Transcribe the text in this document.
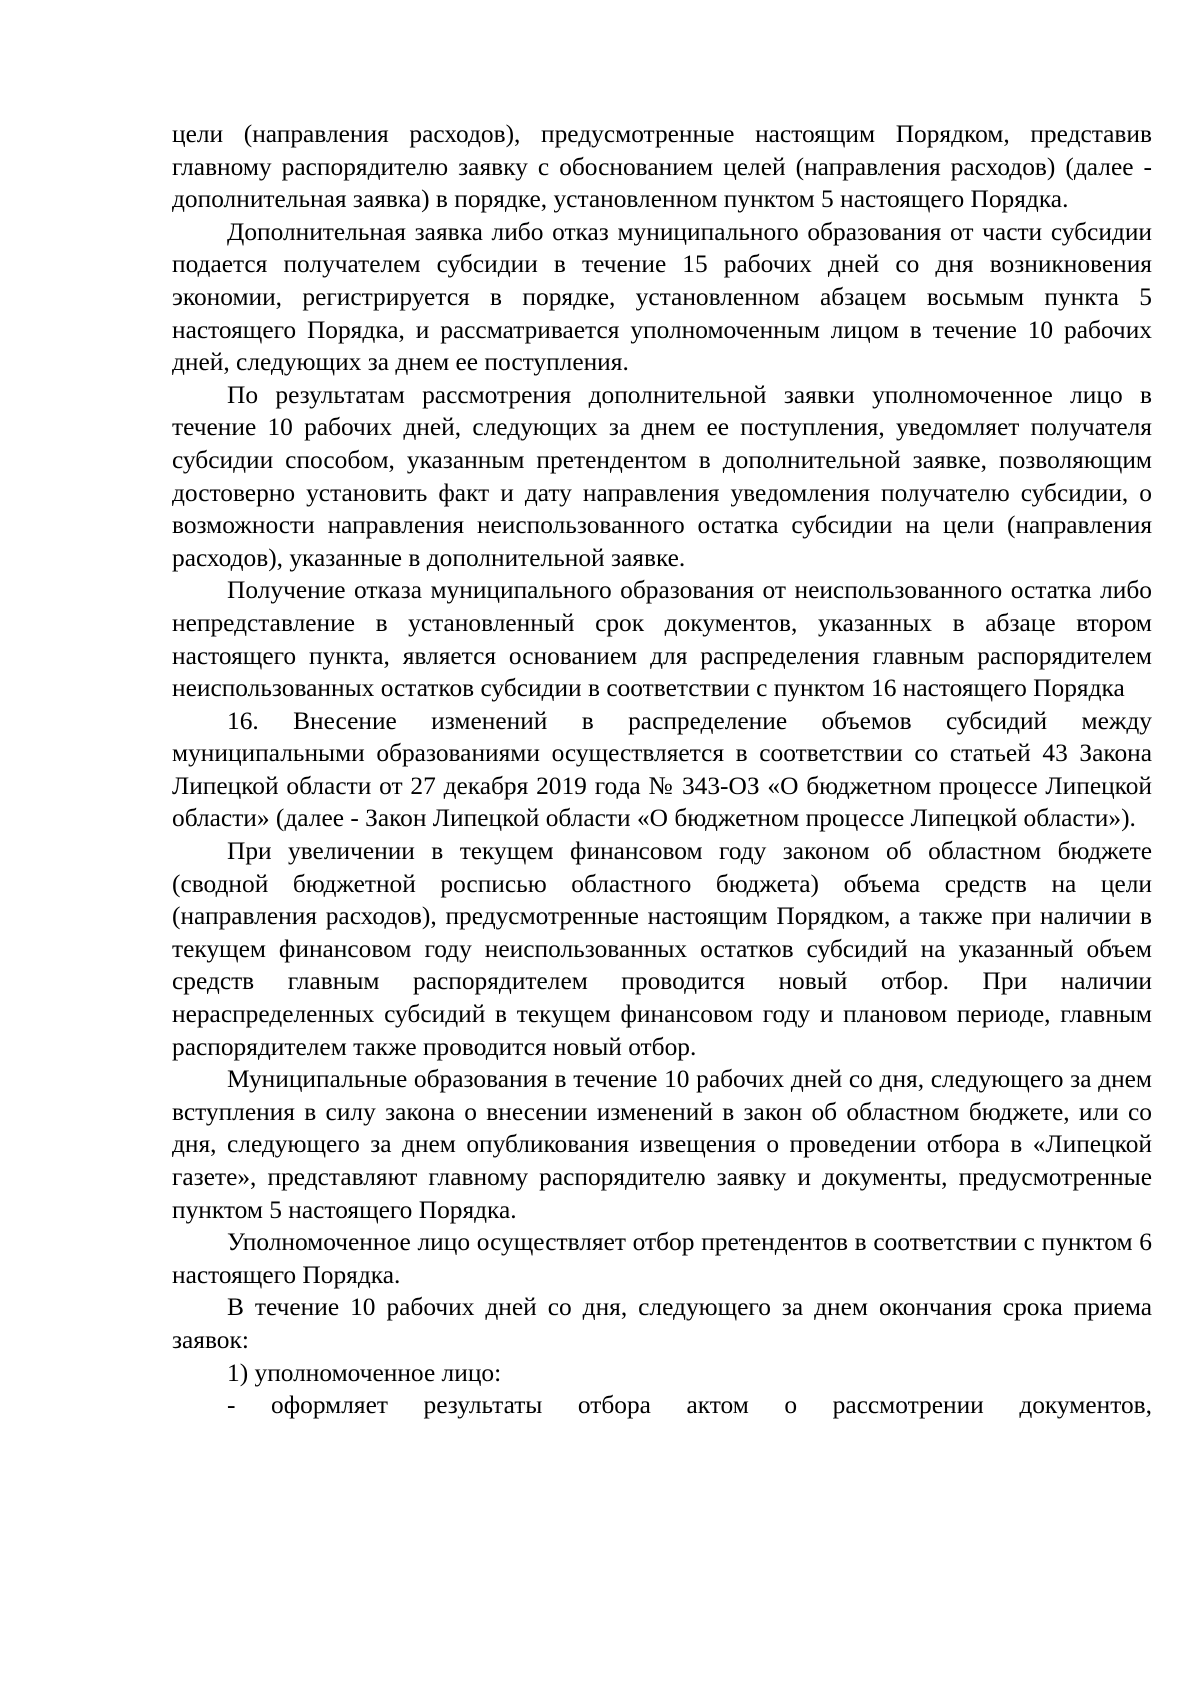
цели (направления расходов), предусмотренные настоящим Порядком, представив главному распорядителю заявку с обоснованием целей (направления расходов) (далее - дополнительная заявка) в порядке, установленном пунктом 5 настоящего Порядка.

Дополнительная заявка либо отказ муниципального образования от части субсидии подается получателем субсидии в течение 15 рабочих дней со дня возникновения экономии, регистрируется в порядке, установленном абзацем восьмым пункта 5 настоящего Порядка, и рассматривается уполномоченным лицом в течение 10 рабочих дней, следующих за днем ее поступления.

По результатам рассмотрения дополнительной заявки уполномоченное лицо в течение 10 рабочих дней, следующих за днем ее поступления, уведомляет получателя субсидии способом, указанным претендентом в дополнительной заявке, позволяющим достоверно установить факт и дату направления уведомления получателю субсидии, о возможности направления неиспользованного остатка субсидии на цели (направления расходов), указанные в дополнительной заявке.

Получение отказа муниципального образования от неиспользованного остатка либо непредставление в установленный срок документов, указанных в абзаце втором настоящего пункта, является основанием для распределения главным распорядителем неиспользованных остатков субсидии в соответствии с пунктом 16 настоящего Порядка

16. Внесение изменений в распределение объемов субсидий между муниципальными образованиями осуществляется в соответствии со статьей 43 Закона Липецкой области от 27 декабря 2019 года № 343-ОЗ «О бюджетном процессе Липецкой области» (далее - Закон Липецкой области «О бюджетном процессе Липецкой области»).

При увеличении в текущем финансовом году законом об областном бюджете (сводной бюджетной росписью областного бюджета) объема средств на цели (направления расходов), предусмотренные настоящим Порядком, а также при наличии в текущем финансовом году неиспользованных остатков субсидий на указанный объем средств главным распорядителем проводится новый отбор. При наличии нераспределенных субсидий в текущем финансовом году и плановом периоде, главным распорядителем также проводится новый отбор.

Муниципальные образования в течение 10 рабочих дней со дня, следующего за днем вступления в силу закона о внесении изменений в закон об областном бюджете, или со дня, следующего за днем опубликования извещения о проведении отбора в «Липецкой газете», представляют главному распорядителю заявку и документы, предусмотренные пунктом 5 настоящего Порядка.

Уполномоченное лицо осуществляет отбор претендентов в соответствии с пунктом 6 настоящего Порядка.

В течение 10 рабочих дней со дня, следующего за днем окончания срока приема заявок:

1) уполномоченное лицо:

- оформляет результаты отбора актом о рассмотрении документов,
